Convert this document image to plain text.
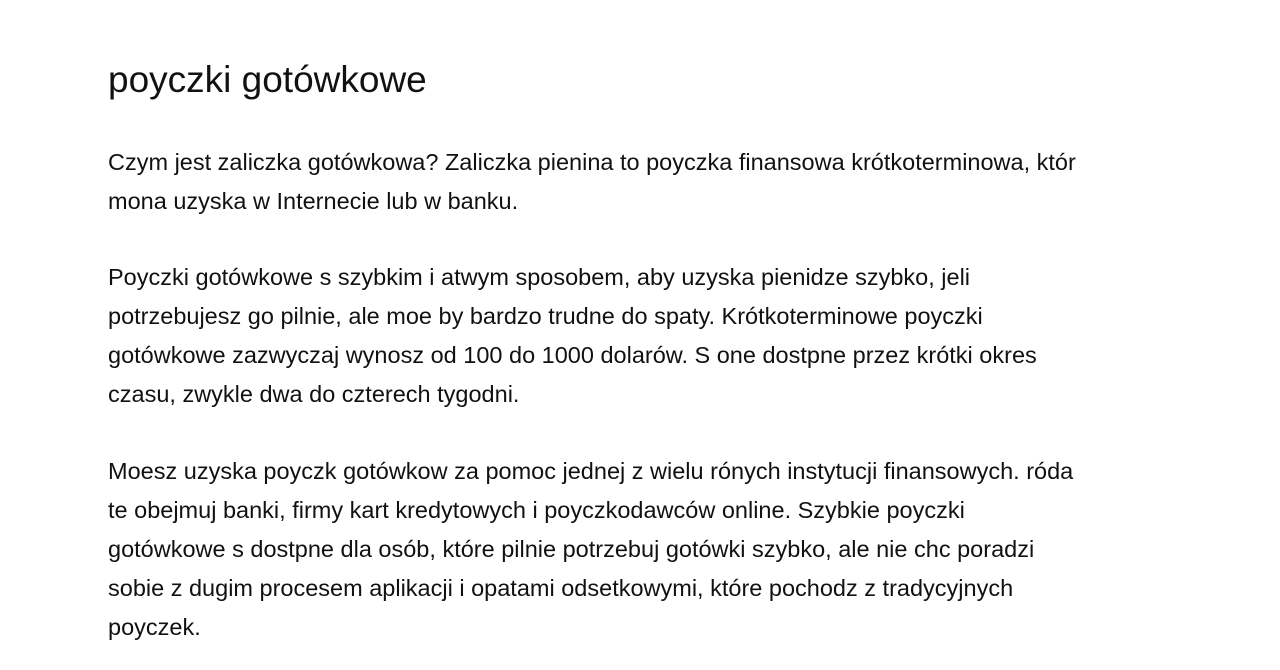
poyczki gotówkowe

Czym jest zaliczka gotówkowa? Zaliczka pienina to poyczka finansowa krótkoterminowa, któr
mona uzyska w Internecie lub w banku.

Poyczki gotówkowe s szybkim i atwym sposobem, aby uzyska pienidze szybko, jeli
potrzebujesz go pilnie, ale moe by bardzo trudne do spaty. Krótkoterminowe poyczki
gotówkowe zazwyczaj wynosz od 100 do 1000 dolarów. S one dostpne przez krótki okres
czasu, zwykle dwa do czterech tygodni.

Moesz uzyska poyczk gotówkow za pomoc jednej z wielu rónych instytucji finansowych. róda
te obejmuj banki, firmy kart kredytowych i poyczkodawców online. Szybkie poyczki
gotówkowe s dostpne dla osób, które pilnie potrzebuj gotówki szybko, ale nie chc poradzi
sobie z dugim procesem aplikacji i opatami odsetkowymi, które pochodz z tradycyjnych
poyczek.
